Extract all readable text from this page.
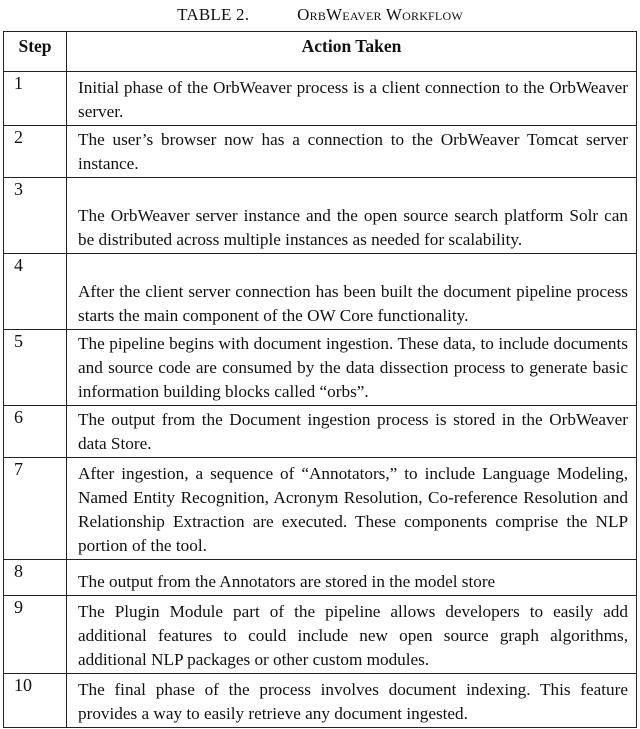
TABLE 2.	OrbWeaver Workflow
Step	Action Taken
1	Initial phase of the OrbWeaver process is a client connection to the OrbWeaver server.
2	The user’s browser now has a connection to the OrbWeaver Tomcat server instance.
3	The OrbWeaver server instance and the open source search platform Solr can be distributed across multiple instances as needed for scalability.
4	After the client server connection has been built the document pipeline process starts the main component of the OW Core functionality.
5	The pipeline begins with document ingestion. These data, to include documents and source code are consumed by the data dissection process to generate basic information building blocks called “orbs”.
6	The output from the Document ingestion process is stored in the OrbWeaver data Store.
7	After ingestion, a sequence of “Annotators,” to include Language Modeling, Named Entity Recognition, Acronym Resolution, Co-reference Resolution and Relationship Extraction are executed. These components comprise the NLP portion of the tool.
8	The output from the Annotators are stored in the model store
9	The Plugin Module part of the pipeline allows developers to easily add additional features to could include new open source graph algorithms, additional NLP packages or other custom modules.
10	The final phase of the process involves document indexing. This feature provides a way to easily retrieve any document ingested.
